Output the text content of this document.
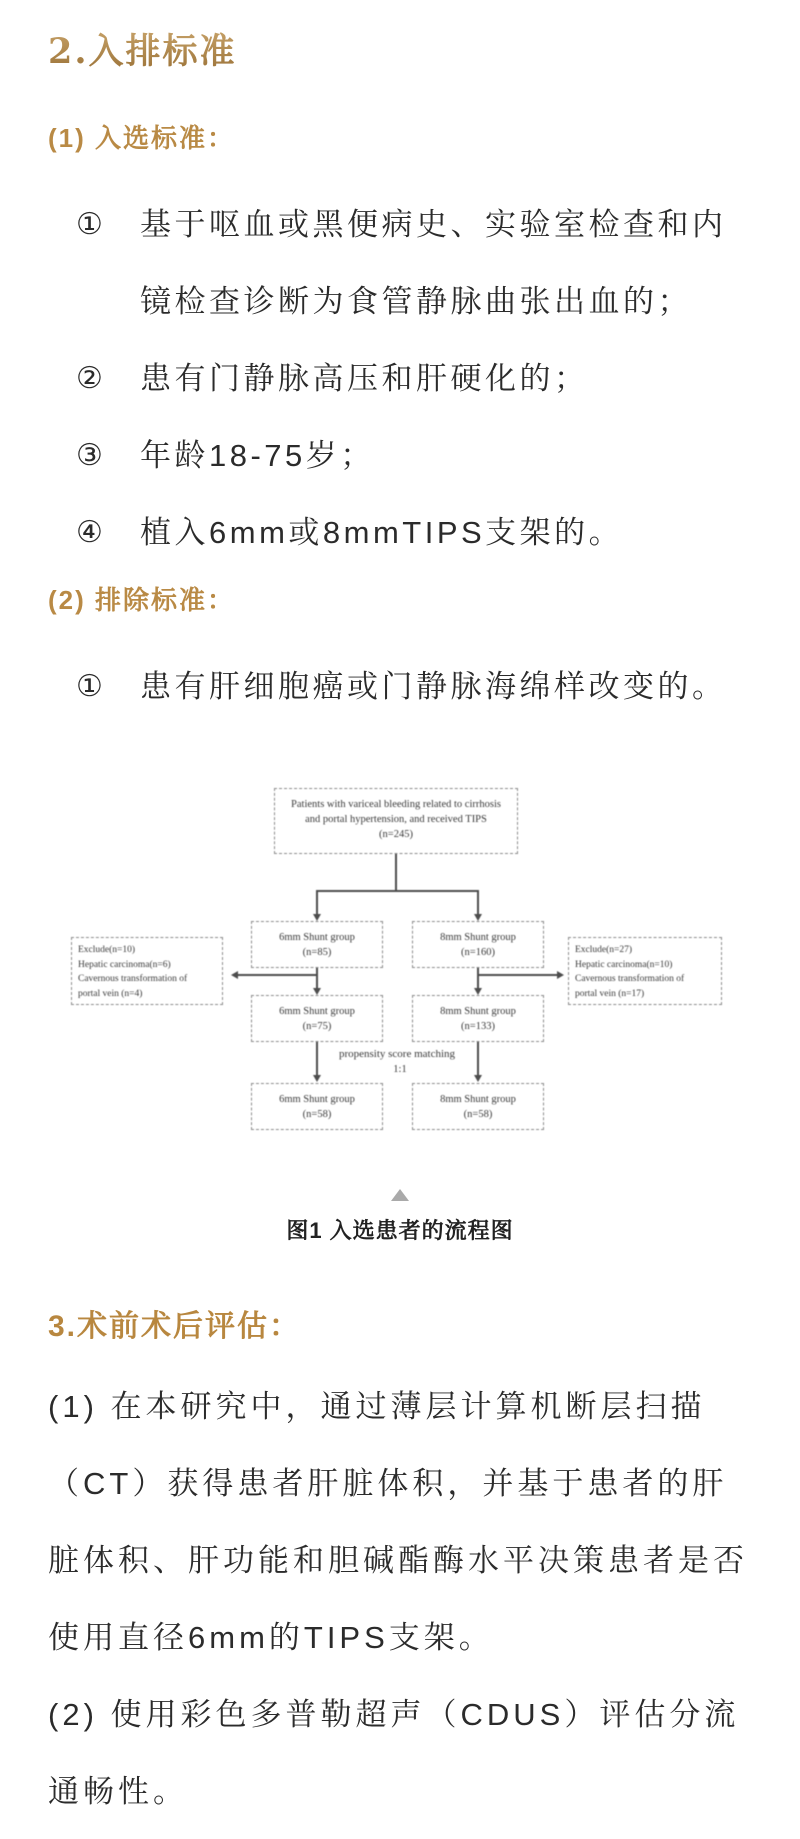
2.入排标准
(1) 入选标准：
① 基于呕血或黑便病史、实验室检查和内
镜检查诊断为食管静脉曲张出血的；
② 患有门静脉高压和肝硬化的；
③ 年龄18-75岁；
④ 植入6mm或8mmTIPS支架的。
(2) 排除标准：
① 患有肝细胞癌或门静脉海绵样改变的。
Patients with variceal bleeding related to cirrhosis
and portal hypertension, and received TIPS
(n=245)
6mm Shunt group
(n=85)
8mm Shunt group
(n=160)
Exclude(n=10)
Hepatic carcinoma(n=6)
Cavernous transformation of
portal vein (n=4)
Exclude(n=27)
Hepatic carcinoma(n=10)
Cavernous transformation of
portal vein (n=17)
6mm Shunt group
(n=75)
8mm Shunt group
(n=133)
propensity score matching
1:1
6mm Shunt group
(n=58)
8mm Shunt group
(n=58)
图1 入选患者的流程图
3.术前术后评估：
(1) 在本研究中，通过薄层计算机断层扫描
（CT）获得患者肝脏体积，并基于患者的肝
脏体积、肝功能和胆碱酯酶水平决策患者是否
使用直径6mm的TIPS支架。
(2) 使用彩色多普勒超声（CDUS）评估分流
通畅性。
